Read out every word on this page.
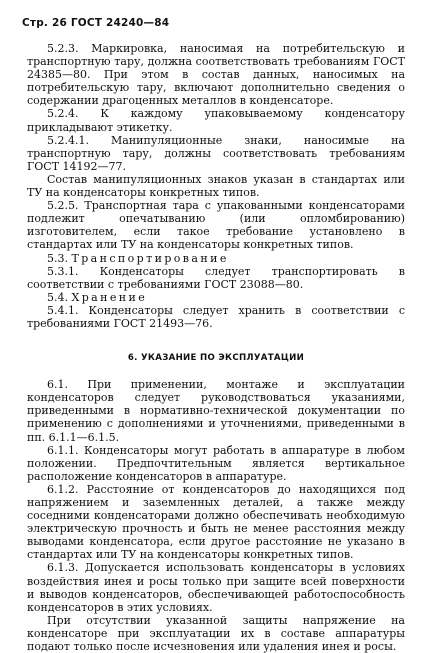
Стр. 26 ГОСТ 24240—84

5.2.3. Маркировка, наносимая на потребительскую и транспортную тару, должна соответствовать требованиям ГОСТ 24385—80. При этом в состав данных, наносимых на потребительскую тару, включают дополнительно сведения о содержании драгоценных металлов в конденсаторе.

5.2.4. К каждому упаковываемому конденсатору прикладывают этикетку.

5.2.4.1. Манипуляционные знаки, наносимые на транспортную тару, должны соответствовать требованиям ГОСТ 14192—77.

Состав манипуляционных знаков указан в стандартах или ТУ на конденсаторы конкретных типов.

5.2.5. Транспортная тара с упакованными конденсаторами подлежит опечатыванию (или опломбированию) изготовителем, если такое требование установлено в стандартах или ТУ на конденсаторы конкретных типов.

5.3. Транспортирование

5.3.1. Конденсаторы следует транспортировать в соответствии с требованиями ГОСТ 23088—80.

5.4. Хранение

5.4.1. Конденсаторы следует хранить в соответствии с требованиями ГОСТ 21493—76.

6. УКАЗАНИЕ ПО ЭКСПЛУАТАЦИИ

6.1. При применении, монтаже и эксплуатации конденсаторов следует руководствоваться указаниями, приведенными в нормативно-технической документации по применению с дополнениями и уточнениями, приведенными в пп. 6.1.1—6.1.5.

6.1.1. Конденсаторы могут работать в аппаратуре в любом положении. Предпочтительным является вертикальное расположение конденсаторов в аппаратуре.

6.1.2. Расстояние от конденсаторов до находящихся под напряжением и заземленных деталей, а также между соседними конденсаторами должно обеспечивать необходимую электрическую прочность и быть не менее расстояния между выводами конденсатора, если другое расстояние не указано в стандартах или ТУ на конденсаторы конкретных типов.

6.1.3. Допускается использовать конденсаторы в условиях воздействия инея и росы только при защите всей поверхности и выводов конденсаторов, обеспечивающей работоспособность конденсаторов в этих условиях.

При отсутствии указанной защиты напряжение на конденсаторе при эксплуатации их в составе аппаратуры подают только после исчезновения или удаления инея и росы.
